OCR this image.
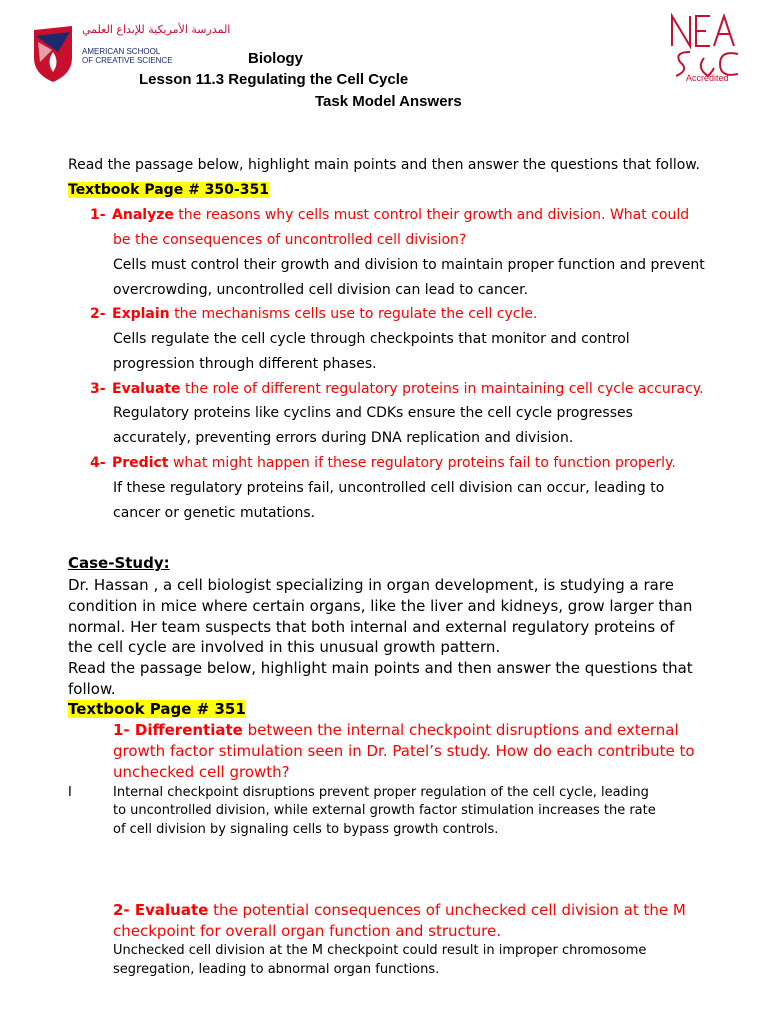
المدرسة الأمريكية للإبداع العلمي
AMERICAN SCHOOL
OF CREATIVE SCIENCE
Accredited
Biology
Lesson 11.3 Regulating the Cell Cycle
Task Model Answers
Read the passage below, highlight main points and then answer the questions that follow.
Textbook Page # 350-351
1- Analyze the reasons why cells must control their growth and division. What could
be the consequences of uncontrolled cell division?
Cells must control their growth and division to maintain proper function and prevent
overcrowding, uncontrolled cell division can lead to cancer.
2- Explain the mechanisms cells use to regulate the cell cycle.
Cells regulate the cell cycle through checkpoints that monitor and control
progression through different phases.
3- Evaluate the role of different regulatory proteins in maintaining cell cycle accuracy.
Regulatory proteins like cyclins and CDKs ensure the cell cycle progresses
accurately, preventing errors during DNA replication and division.
4- Predict what might happen if these regulatory proteins fail to function properly.
If these regulatory proteins fail, uncontrolled cell division can occur, leading to
cancer or genetic mutations.
Case-Study:
Dr. Hassan , a cell biologist specializing in organ development, is studying a rare
condition in mice where certain organs, like the liver and kidneys, grow larger than
normal. Her team suspects that both internal and external regulatory proteins of
the cell cycle are involved in this unusual growth pattern.
Read the passage below, highlight main points and then answer the questions that
follow.
Textbook Page # 351
1- Differentiate between the internal checkpoint disruptions and external
growth factor stimulation seen in Dr. Patel’s study. How do each contribute to
unchecked cell growth?
I	Internal checkpoint disruptions prevent proper regulation of the cell cycle, leading
to uncontrolled division, while external growth factor stimulation increases the rate
of cell division by signaling cells to bypass growth controls.
2- Evaluate the potential consequences of unchecked cell division at the M
checkpoint for overall organ function and structure.
Unchecked cell division at the M checkpoint could result in improper chromosome
segregation, leading to abnormal organ functions.
